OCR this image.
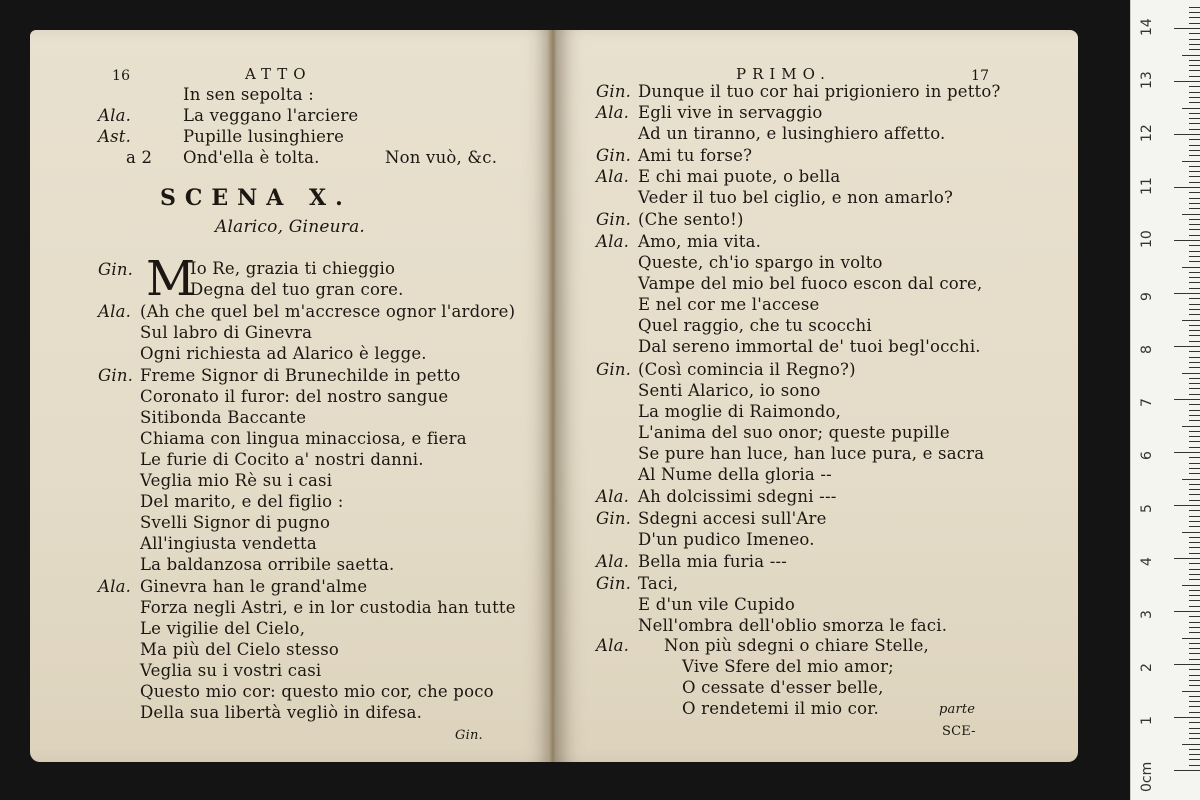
16	ATTO
In sen sepolta :
Ala.	La veggano l'arciere
Ast.	Pupille lusinghiere
a 2 Ond'ella è tolta.	Non vuò, &c.
SCENA X.
Alarico, Gineura.
Gin. M
Io Re, grazia ti chieggio
Degna del tuo gran core.
Ala. (Ah che quel bel m'accresce ognor l'ardore)
Sul labro di Ginevra
Ogni richiesta ad Alarico è legge.
Gin. Freme Signor di Brunechilde in petto
Coronato il furor: del nostro sangue
Sitibonda Baccante
Chiama con lingua minacciosa, e fiera
Le furie di Cocito a' nostri danni.
Veglia mio Rè su i casi
Del marito, e del figlio :
Svelli Signor di pugno
All'ingiusta vendetta
La baldanzosa orribile saetta.
Ala. Ginevra han le grand'alme
Forza negli Astri, e in lor custodia han tutte
Le vigilie del Cielo,
Ma più del Cielo stesso
Veglia su i vostri casi
Questo mio cor: questo mio cor, che poco
Della sua libertà vegliò in difesa.
Gin.
PRIMO.	17
Gin. Dunque il tuo cor hai prigioniero in petto?
Ala. Egli vive in servaggio
Ad un tiranno, e lusinghiero affetto.
Gin. Ami tu forse?
Ala. E chi mai puote, o bella
Veder il tuo bel ciglio, e non amarlo?
Gin. (Che sento!)
Ala. Amo, mia vita.
Queste, ch'io spargo in volto
Vampe del mio bel fuoco escon dal core,
E nel cor me l'accese
Quel raggio, che tu scocchi
Dal sereno immortal de' tuoi begl'occhi.
Gin. (Così comincia il Regno?)
Senti Alarico, io sono
La moglie di Raimondo,
L'anima del suo onor; queste pupille
Se pure han luce, han luce pura, e sacra
Al Nume della gloria --
Ala. Ah dolcissimi sdegni ---
Gin. Sdegni accesi sull'Are
D'un pudico Imeneo.
Ala. Bella mia furia ---
Gin. Taci,
E d'un vile Cupido
Nell'ombra dell'oblio smorza le faci.
Ala. Non più sdegni o chiare Stelle,
Vive Sfere del mio amor;
O cessate d'esser belle,
O rendetemi il mio cor.	parte
SCE-
0cm
1
2
3
4
5
6
7
8
9
10
11
12
13
14
